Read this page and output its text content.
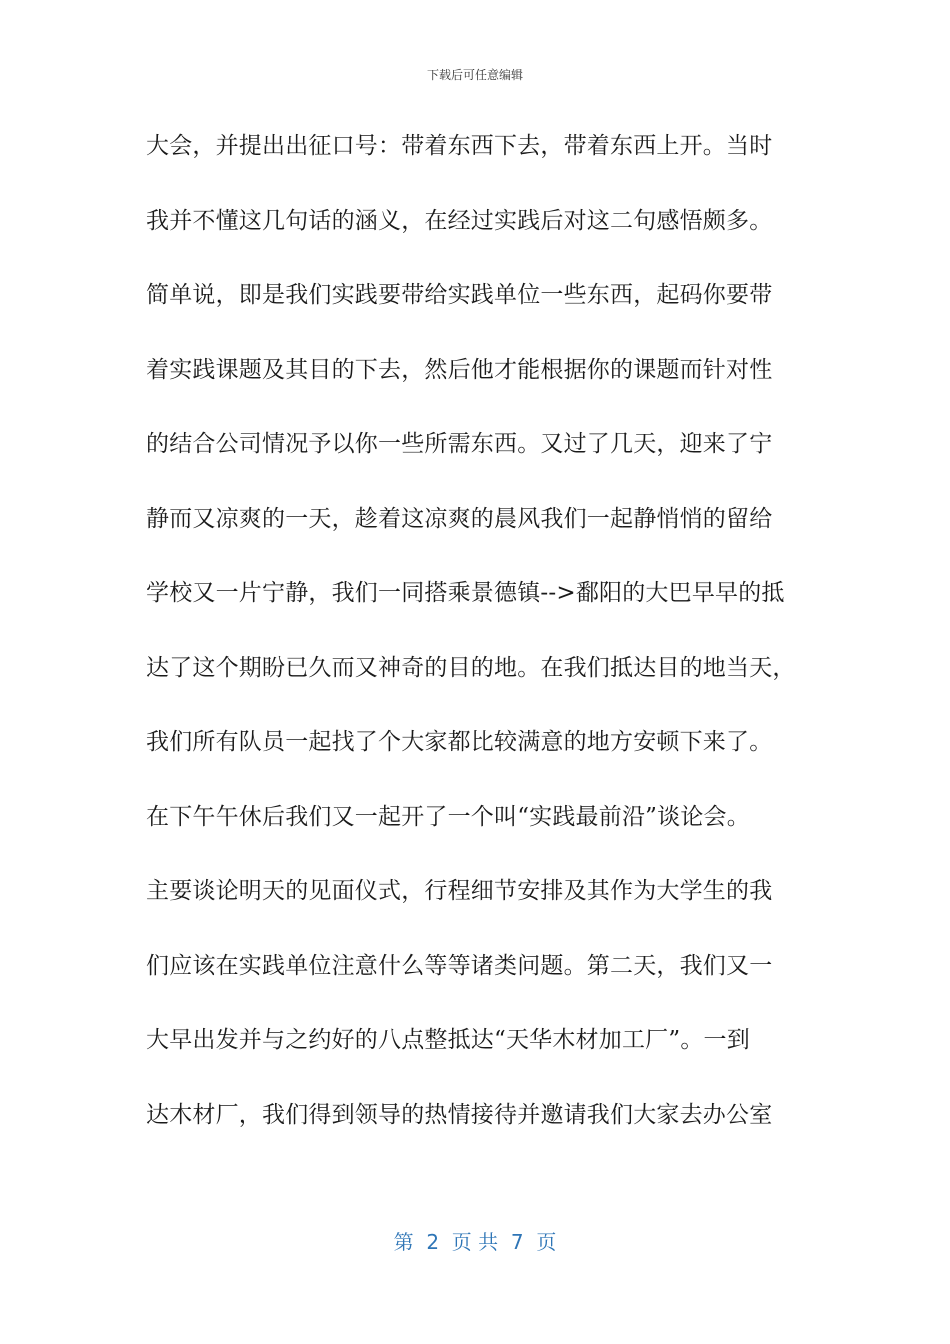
下载后可任意编辑
大会，并提出出征口号：带着东西下去，带着东西上开。当时
我并不懂这几句话的涵义，在经过实践后对这二句感悟颇多。
简单说，即是我们实践要带给实践单位一些东西，起码你要带
着实践课题及其目的下去，然后他才能根据你的课题而针对性
的结合公司情况予以你一些所需东西。又过了几天，迎来了宁
静而又凉爽的一天，趁着这凉爽的晨风我们一起静悄悄的留给
学校又一片宁静，我们一同搭乘景德镇-->鄱阳的大巴早早的抵
达了这个期盼已久而又神奇的目的地。在我们抵达目的地当天，
我们所有队员一起找了个大家都比较满意的地方安顿下来了。
在下午午休后我们又一起开了一个叫“实践最前沿”谈论会。
主要谈论明天的见面仪式，行程细节安排及其作为大学生的我
们应该在实践单位注意什么等等诸类问题。第二天，我们又一
大早出发并与之约好的八点整抵达“天华木材加工厂”。一到
达木材厂，我们得到领导的热情接待并邀请我们大家去办公室
第  2  页 共  7  页
